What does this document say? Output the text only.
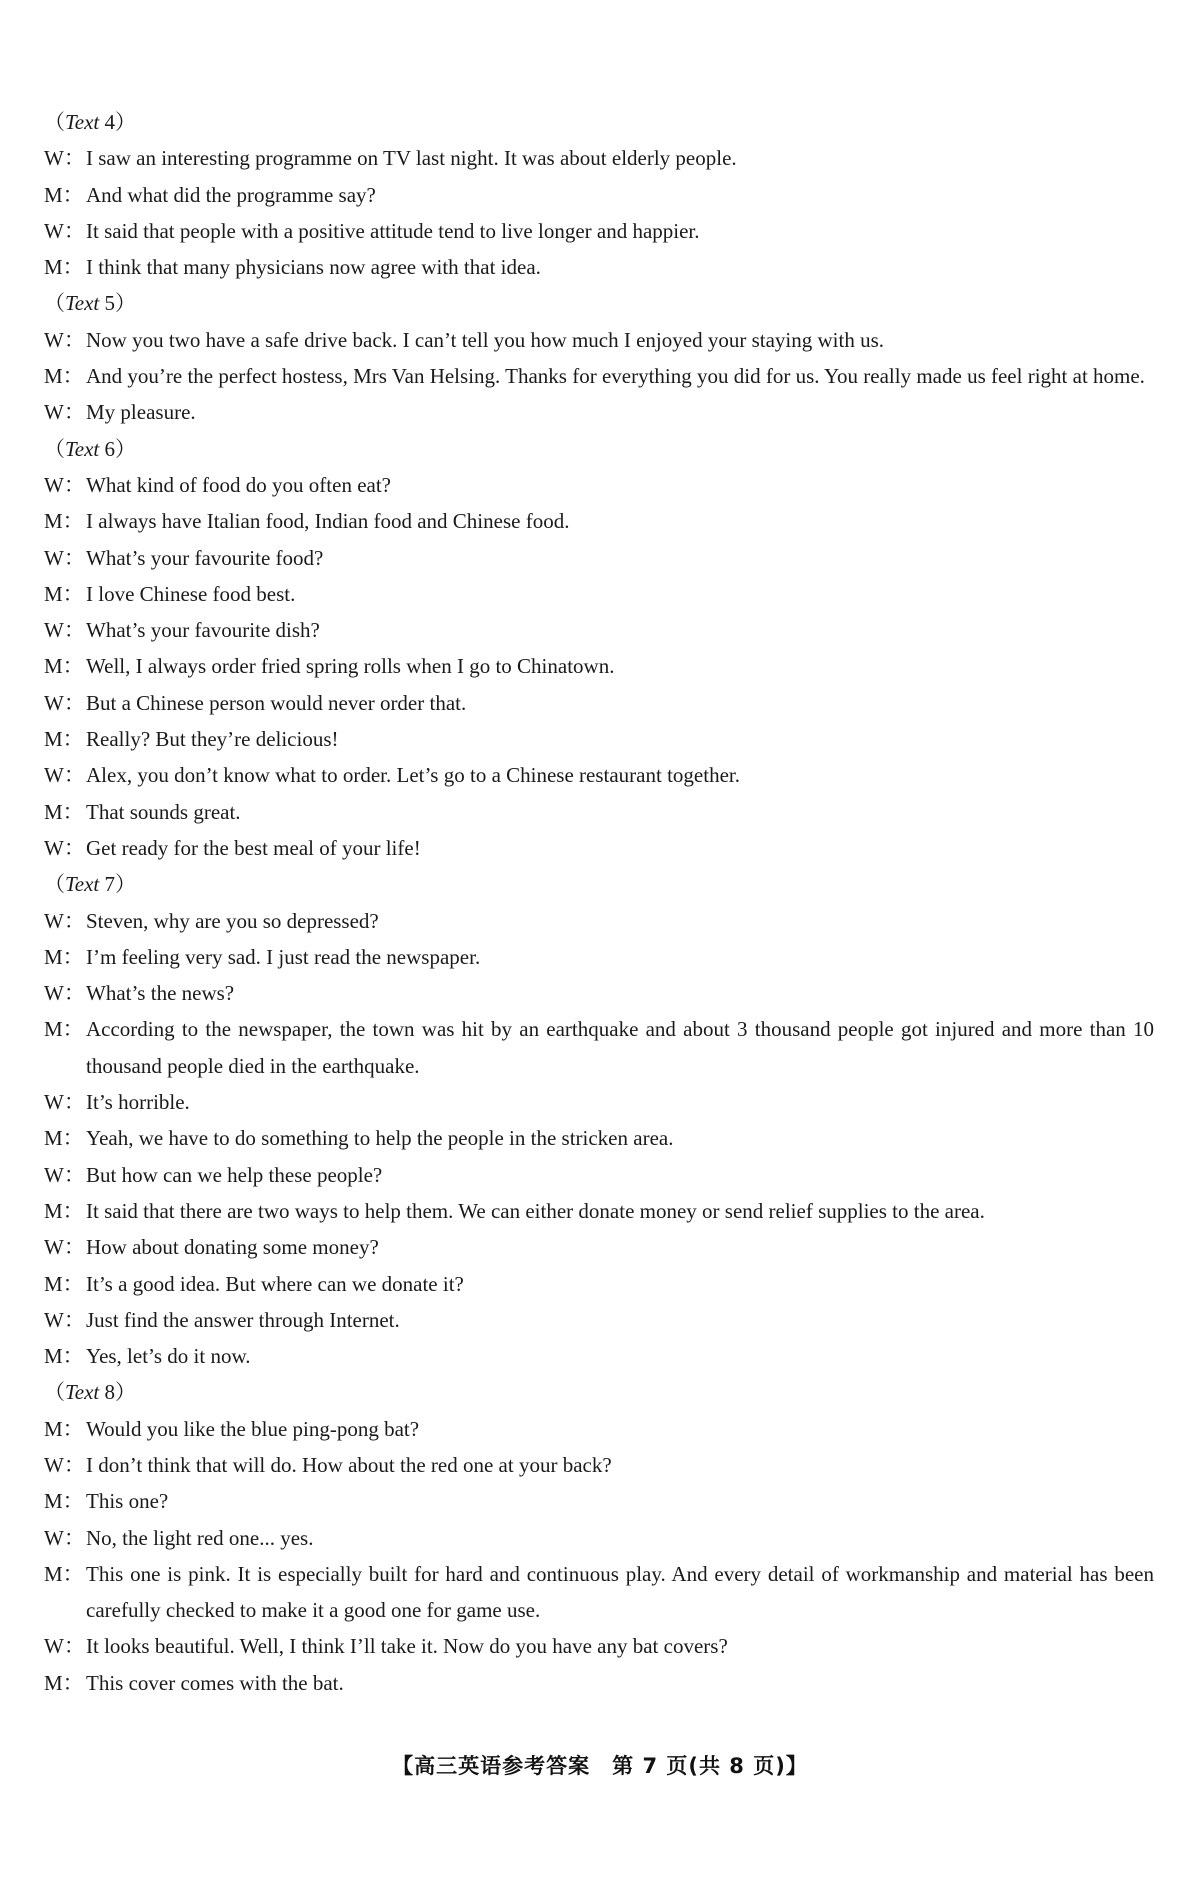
（Text 4）
W： I saw an interesting programme on TV last night. It was about elderly people.
M： And what did the programme say?
W： It said that people with a positive attitude tend to live longer and happier.
M： I think that many physicians now agree with that idea.
（Text 5）
W： Now you two have a safe drive back. I can’t tell you how much I enjoyed your staying with us.
M： And you’re the perfect hostess, Mrs Van Helsing. Thanks for everything you did for us. You really made us feel right at home.
W： My pleasure.
（Text 6）
W： What kind of food do you often eat?
M： I always have Italian food, Indian food and Chinese food.
W： What’s your favourite food?
M： I love Chinese food best.
W： What’s your favourite dish?
M： Well, I always order fried spring rolls when I go to Chinatown.
W： But a Chinese person would never order that.
M： Really? But they’re delicious!
W： Alex, you don’t know what to order. Let’s go to a Chinese restaurant together.
M： That sounds great.
W： Get ready for the best meal of your life!
（Text 7）
W： Steven, why are you so depressed?
M： I’m feeling very sad. I just read the newspaper.
W： What’s the news?
M： According to the newspaper, the town was hit by an earthquake and about 3 thousand people got injured and more than 10 thousand people died in the earthquake.
W： It’s horrible.
M： Yeah, we have to do something to help the people in the stricken area.
W： But how can we help these people?
M： It said that there are two ways to help them. We can either donate money or send relief supplies to the area.
W： How about donating some money?
M： It’s a good idea. But where can we donate it?
W： Just find the answer through Internet.
M： Yes, let’s do it now.
（Text 8）
M： Would you like the blue ping-pong bat?
W： I don’t think that will do. How about the red one at your back?
M： This one?
W： No, the light red one... yes.
M： This one is pink. It is especially built for hard and continuous play. And every detail of workmanship and material has been carefully checked to make it a good one for game use.
W： It looks beautiful. Well, I think I’ll take it. Now do you have any bat covers?
M： This cover comes with the bat.
【高三英语参考答案　第 7 页(共 8 页)】
